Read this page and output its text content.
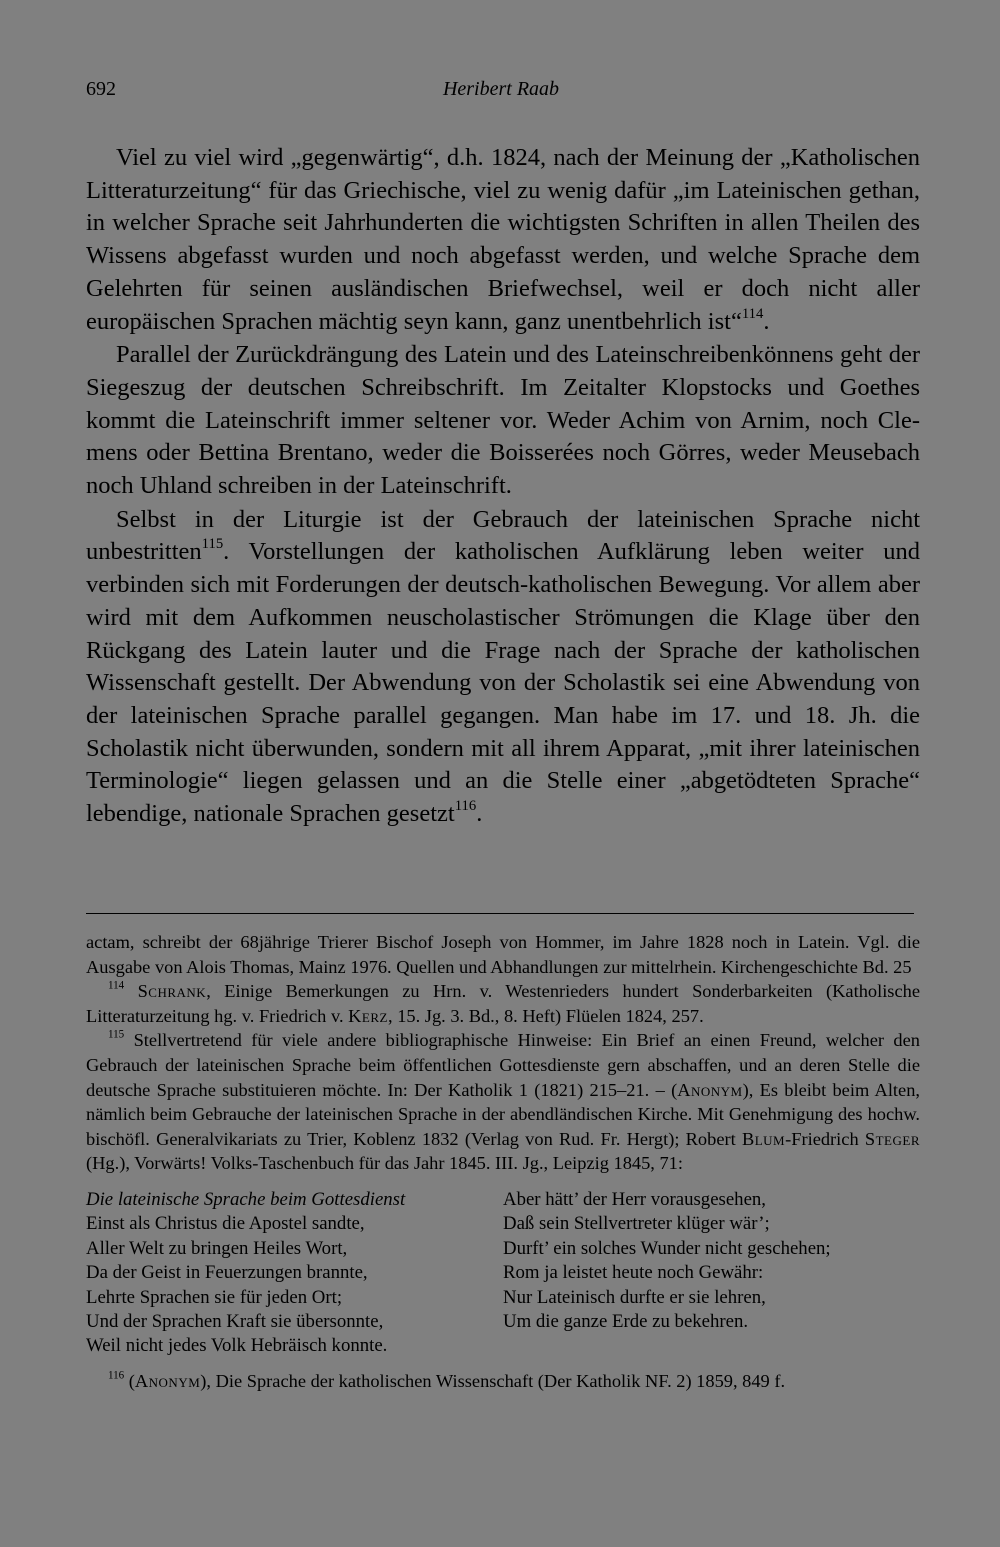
692	Heribert Raab

Viel zu viel wird „gegenwärtig“, d.h. 1824, nach der Meinung der „Katholischen Litteraturzeitung“ für das Griechische, viel zu wenig dafür „im Lateinischen gethan, in welcher Sprache seit Jahrhunderten die wichtigsten Schriften in allen Theilen des Wissens abgefasst wurden und noch abgefasst werden, und welche Sprache dem Gelehrten für seinen ausländischen Briefwechsel, weil er doch nicht aller europäischen Sprachen mächtig seyn kann, ganz unentbehrlich ist“$^{114}$.

Parallel der Zurückdrängung des Latein und des Lateinschreibenkönnens geht der Siegeszug der deutschen Schreibschrift. Im Zeitalter Klopstocks und Goethes kommt die Lateinschrift immer seltener vor. Weder Achim von Arnim, noch Clemens oder Bettina Brentano, weder die Boisserées noch Görres, weder Meusebach noch Uhland schreiben in der Lateinschrift.

Selbst in der Liturgie ist der Gebrauch der lateinischen Sprache nicht unbestritten$^{115}$. Vorstellungen der katholischen Aufklärung leben weiter und verbinden sich mit Forderungen der deutsch-katholischen Bewegung. Vor allem aber wird mit dem Aufkommen neuscholastischer Strömungen die Klage über den Rückgang des Latein lauter und die Frage nach der Sprache der katholischen Wissenschaft gestellt. Der Abwendung von der Scholastik sei eine Abwendung von der lateinischen Sprache parallel gegangen. Man habe im 17. und 18. Jh. die Scholastik nicht überwunden, sondern mit all ihrem Apparat, „mit ihrer lateinischen Terminologie“ liegen gelassen und an die Stelle einer „abgetödteten Sprache“ lebendige, nationale Sprachen gesetzt$^{116}$.

actam, schreibt der 68jährige Trierer Bischof Joseph von Hommer, im Jahre 1828 noch in Latein. Vgl. die Ausgabe von Alois Thomas, Mainz 1976. Quellen und Abhandlungen zur mittelrhein. Kirchengeschichte Bd. 25

$^{114}$ Schrank, Einige Bemerkungen zu Hrn. v. Westenrieders hundert Sonderbarkeiten (Katholische Litteraturzeitung hg. v. Friedrich v. Kerz, 15. Jg. 3. Bd., 8. Heft) Flüelen 1824, 257.

$^{115}$ Stellvertretend für viele andere bibliographische Hinweise: Ein Brief an einen Freund, welcher den Gebrauch der lateinischen Sprache beim öffentlichen Gottesdienste gern abschaffen, und an deren Stelle die deutsche Sprache substituieren möchte. In: Der Katholik 1 (1821) 215–21. – (Anonym), Es bleibt beim Alten, nämlich beim Gebrauche der lateinischen Sprache in der abendländischen Kirche. Mit Genehmigung des hochw. bischöfl. Generalvikariats zu Trier, Koblenz 1832 (Verlag von Rud. Fr. Hergt); Robert Blum-Friedrich Steger (Hg.), Vorwärts! Volks-Taschenbuch für das Jahr 1845. III. Jg., Leipzig 1845, 71:

Die lateinische Sprache beim Gottesdienst
Einst als Christus die Apostel sandte,
Aller Welt zu bringen Heiles Wort,
Da der Geist in Feuerzungen brannte,
Lehrte Sprachen sie für jeden Ort;
Und der Sprachen Kraft sie übersonnte,
Weil nicht jedes Volk Hebräisch konnte.
Aber hätt’ der Herr vorausgesehen,
Daß sein Stellvertreter klüger wär’;
Durft’ ein solches Wunder nicht geschehen;
Rom ja leistet heute noch Gewähr:
Nur Lateinisch durfte er sie lehren,
Um die ganze Erde zu bekehren.

$^{116}$ (Anonym), Die Sprache der katholischen Wissenschaft (Der Katholik NF. 2) 1859, 849 f.
